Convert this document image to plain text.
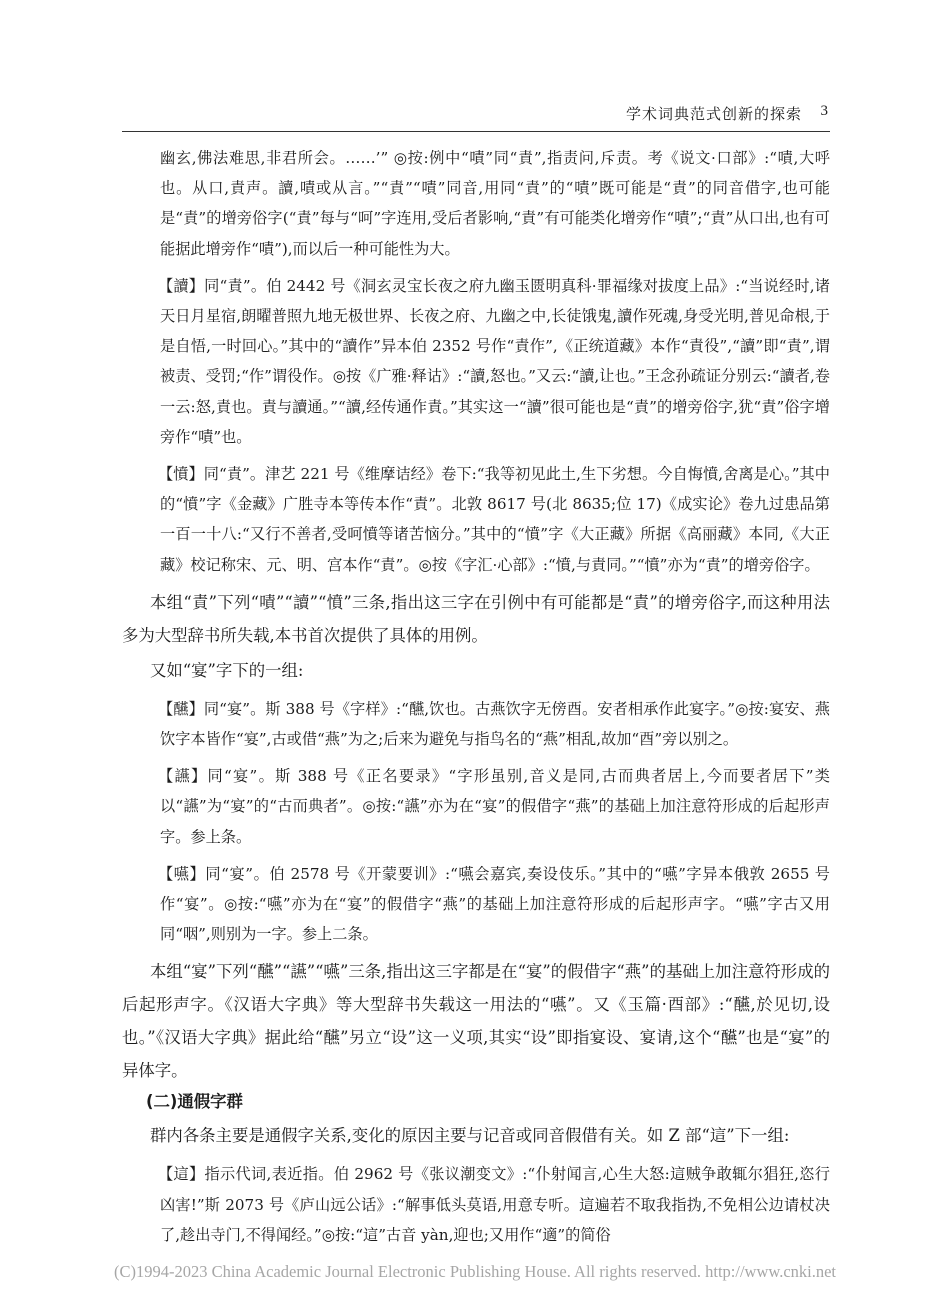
学术词典范式创新的探索 3

幽玄,佛法难思,非君所会。……’” ◎按:例中“嘖”同“責”,指责问,斥责。考《说文·口部》:“嘖,大呼也。从口,責声。讀,嘖或从言。”“責”“嘖”同音,用同“責”的“嘖”既可能是“責”的同音借字,也可能是“責”的增旁俗字(“責”每与“呵”字连用,受后者影响,“責”有可能类化增旁作“嘖”;“責”从口出,也有可能据此增旁作“嘖”),而以后一种可能性为大。

【讀】同“責”。伯 2442 号《洞玄灵宝长夜之府九幽玉匮明真科·罪福缘对拔度上品》:“当说经时,诸天日月星宿,朗曜普照九地无极世界、长夜之府、九幽之中,长徒饿鬼,讀作死魂,身受光明,普见命根,于是自悟,一时回心。”其中的“讀作”异本伯 2352 号作“責作”,《正统道藏》本作“責役”,“讀”即“責”,谓被责、受罚;“作”谓役作。◎按《广雅·释诂》:“讀,怒也。”又云:“讀,让也。”王念孙疏证分别云:“讀者,卷一云:怒,責也。責与讀通。”“讀,经传通作責。”其实这一“讀”很可能也是“責”的增旁俗字,犹“責”俗字增旁作“嘖”也。

【憤】同“責”。津艺 221 号《维摩诘经》卷下:“我等初见此土,生下劣想。今自悔憤,舍离是心。”其中的“憤”字《金藏》广胜寺本等传本作“責”。北敦 8617 号(北 8635;位 17)《成实论》卷九过患品第一百一十八:“又行不善者,受呵憤等诸苦恼分。”其中的“憤”字《大正藏》所据《高丽藏》本同,《大正藏》校记称宋、元、明、宫本作“責”。◎按《字汇·心部》:“憤,与責同。”“憤”亦为“責”的增旁俗字。

本组“責”下列“嘖”“讀”“憤”三条,指出这三字在引例中有可能都是“責”的增旁俗字,而这种用法多为大型辞书所失载,本书首次提供了具体的用例。

又如“宴”字下的一组:

【醼】同“宴”。斯 388 号《字样》:“醼,饮也。古燕饮字无傍酉。安者相承作此宴字。”◎按:宴安、燕饮字本皆作“宴”,古或借“燕”为之;后来为避免与指鸟名的“燕”相乱,故加“酉”旁以别之。

【讌】同“宴”。斯 388 号《正名要录》“字形虽别,音义是同,古而典者居上,今而要者居下”类以“讌”为“宴”的“古而典者”。◎按:“讌”亦为在“宴”的假借字“燕”的基础上加注意符形成的后起形声字。参上条。

【嚥】同“宴”。伯 2578 号《开蒙要训》:“嚥会嘉宾,奏设伎乐。”其中的“嚥”字异本俄敦 2655 号作“宴”。◎按:“嚥”亦为在“宴”的假借字“燕”的基础上加注意符形成的后起形声字。“嚥”字古又用同“咽”,则别为一字。参上二条。

本组“宴”下列“醼”“讌”“嚥”三条,指出这三字都是在“宴”的假借字“燕”的基础上加注意符形成的后起形声字。《汉语大字典》等大型辞书失载这一用法的“嚥”。又《玉篇·酉部》:“醼,於见切,设也。”《汉语大字典》据此给“醼”另立“设”这一义项,其实“设”即指宴设、宴请,这个“醼”也是“宴”的异体字。

(二)通假字群

群内各条主要是通假字关系,变化的原因主要与记音或同音假借有关。如 Z 部“這”下一组:

【這】指示代词,表近指。伯 2962 号《张议潮变文》:“仆射闻言,心生大怒:這贼争敢辄尔猖狂,恣行凶害!”斯 2073 号《庐山远公话》:“解事低头莫语,用意专听。這遍若不取我指㧑,不免相公边请杖决了,趁出寺门,不得闻经。”◎按:“這”古音 yàn,迎也;又用作“適”的简俗

(C)1994-2023 China Academic Journal Electronic Publishing House. All rights reserved. http://www.cnki.net
